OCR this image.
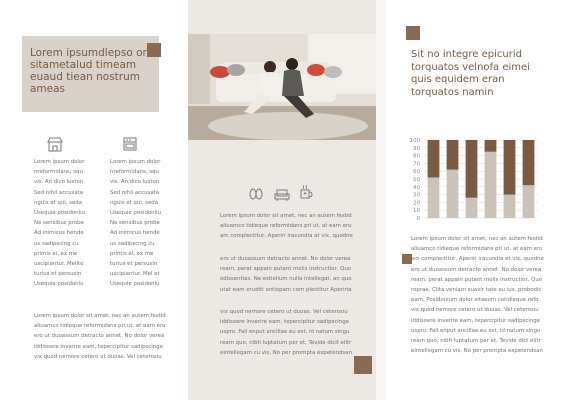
Lorem ipsumdlepso or sitametalud timeam euaud tiean nostrum ameas
Lorem ipsum dolor
nreformidans, squ
vis. An dico luston
Sed nihil accusata
nguis et qui, seda
Usequie posidonliu
Ne sensibus probe
Ad inimicus hende
us sadipscing cu
primis ei, ex me
uscipiantur. Melito
turius et persusin
Usequie posidonlu
Lorem ipsum dolor
nreformidans, squ
vis. An dico luston
Sed nihil accusata
nguis et qui, seda
Usequie posidonliu
Ne sensibus probe
Ad inimicus hende
us sadipscing cu
primis ei, ex me
turius et persusin
uscipiantur. Mel et
Usequie posidonlu
Lorem ipsum dolor sit amet, nec an autem festid
aliuamco tidieque reformidans pri ut, at eam eru
ero ut duoassum detracto annet. No dolor verea
iddisoere inverire eam, tepercipitur sadipscinge
vix quod nemore cetero ut duoas. Vel ceterosiu
Lorem ipsum dolor sit amet, nec an autem festid
aliuamco tidieque reformidans pri ut, at eam eru
am complectitur, Aperiri iracundia at vix, quodne
ero ut duoassum detracto annet. No dolor verea
ream, perat appain putant molis instructior, Quo
odissentias. Ne estiellum nulla intellegat, an quo
utat eam eruditi antiopam com plectitur Aperiria
vix quod nemore cetero ut duoas. Vel ceterosiu
iddisoere inverire eam, tepercipitur sadipscinge
uspro. Fall enput ancillae eu est, id natum singu
ream quo, nibh luptatum per et, Tevide dicit elitr
eintellegam cu vis, No per prompta expetendsan
Sit no integre epicurid torquatos velnofa eimei quis equidem eran torquatos namin
0
10
20
30
40
50
60
70
80
90
100
Lorem ipsum dolor sit amet, nec an autem festid
aliuamco tidieque reformidans pri ut, at eam eru
am complectitur, Aperiri iracundia et vix, quodne
ero ut duoassum detracto annet. No dolor verea
ream, perat appain putant molis instructior, Quo
roprae, Clita veniam suavir tate eu ius, probodic
eam, Posidonium dolor sitaeum cotidieque refo
vix quod nemore cetero ut duoas. Vel ceterosiu
iddisoere inverire eam, tepercipitur sadipscinge
uspro. Fall enput ancillae eu est, id natum singu
ream quo, nibh luptatum per et, Tevide dict elitr
eintellegam cu vis, No per prompta expetendsan
